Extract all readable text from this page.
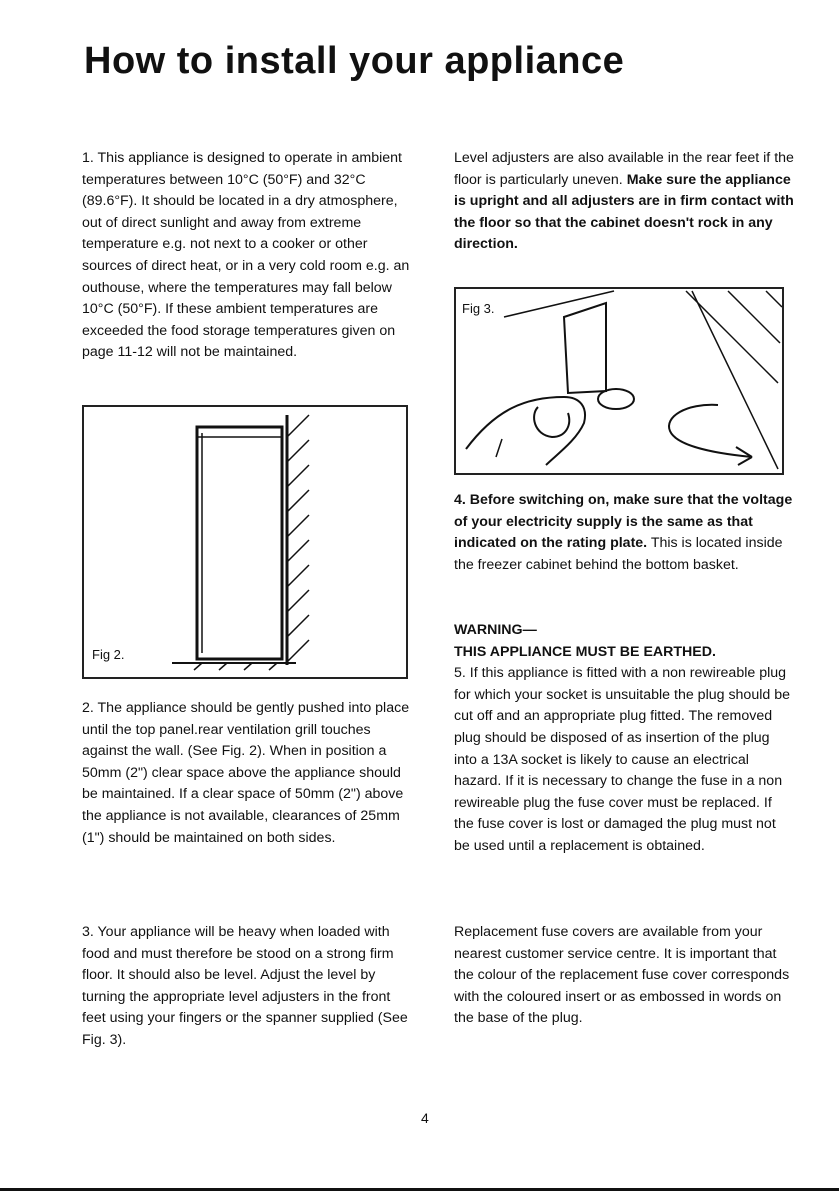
How to install your appliance

1. This appliance is designed to operate in ambient temperatures between 10°C (50°F) and 32°C (89.6°F). It should be located in a dry atmosphere, out of direct sunlight and away from extreme temperature e.g. not next to a cooker or other sources of direct heat, or in a very cold room e.g. an outhouse, where the temperatures may fall below 10°C (50°F). If these ambient temperatures are exceeded the food storage temperatures given on page 11-12 will not be maintained.

Fig 2.

2. The appliance should be gently pushed into place until the top panel.rear ventilation grill touches against the wall. (See Fig. 2). When in position a 50mm (2") clear space above the appliance should be maintained. If a clear space of 50mm (2") above the appliance is not available, clearances of 25mm (1") should be maintained on both sides.

3. Your appliance will be heavy when loaded with food and must therefore be stood on a strong firm floor. It should also be level. Adjust the level by turning the appropriate level adjusters in the front feet using your fingers or the spanner supplied (See Fig. 3).

Level adjusters are also available in the rear feet if the floor is particularly uneven. Make sure the appliance is upright and all adjusters are in firm contact with the floor so that the cabinet doesn't rock in any direction.

Fig 3.

4. Before switching on, make sure that the voltage of your electricity supply is the same as that indicated on the rating plate. This is located inside the freezer cabinet behind the bottom basket.

WARNING—

THIS APPLIANCE MUST BE EARTHED.

5. If this appliance is fitted with a non rewireable plug for which your socket is unsuitable the plug should be cut off and an appropriate plug fitted. The removed plug should be disposed of as insertion of the plug into a 13A socket is likely to cause an electrical hazard. If it is necessary to change the fuse in a non rewireable plug the fuse cover must be replaced. If the fuse cover is lost or damaged the plug must not be used until a replacement is obtained.

Replacement fuse covers are available from your nearest customer service centre. It is important that the colour of the replacement fuse cover corresponds with the coloured insert or as embossed in words on the base of the plug.

4
